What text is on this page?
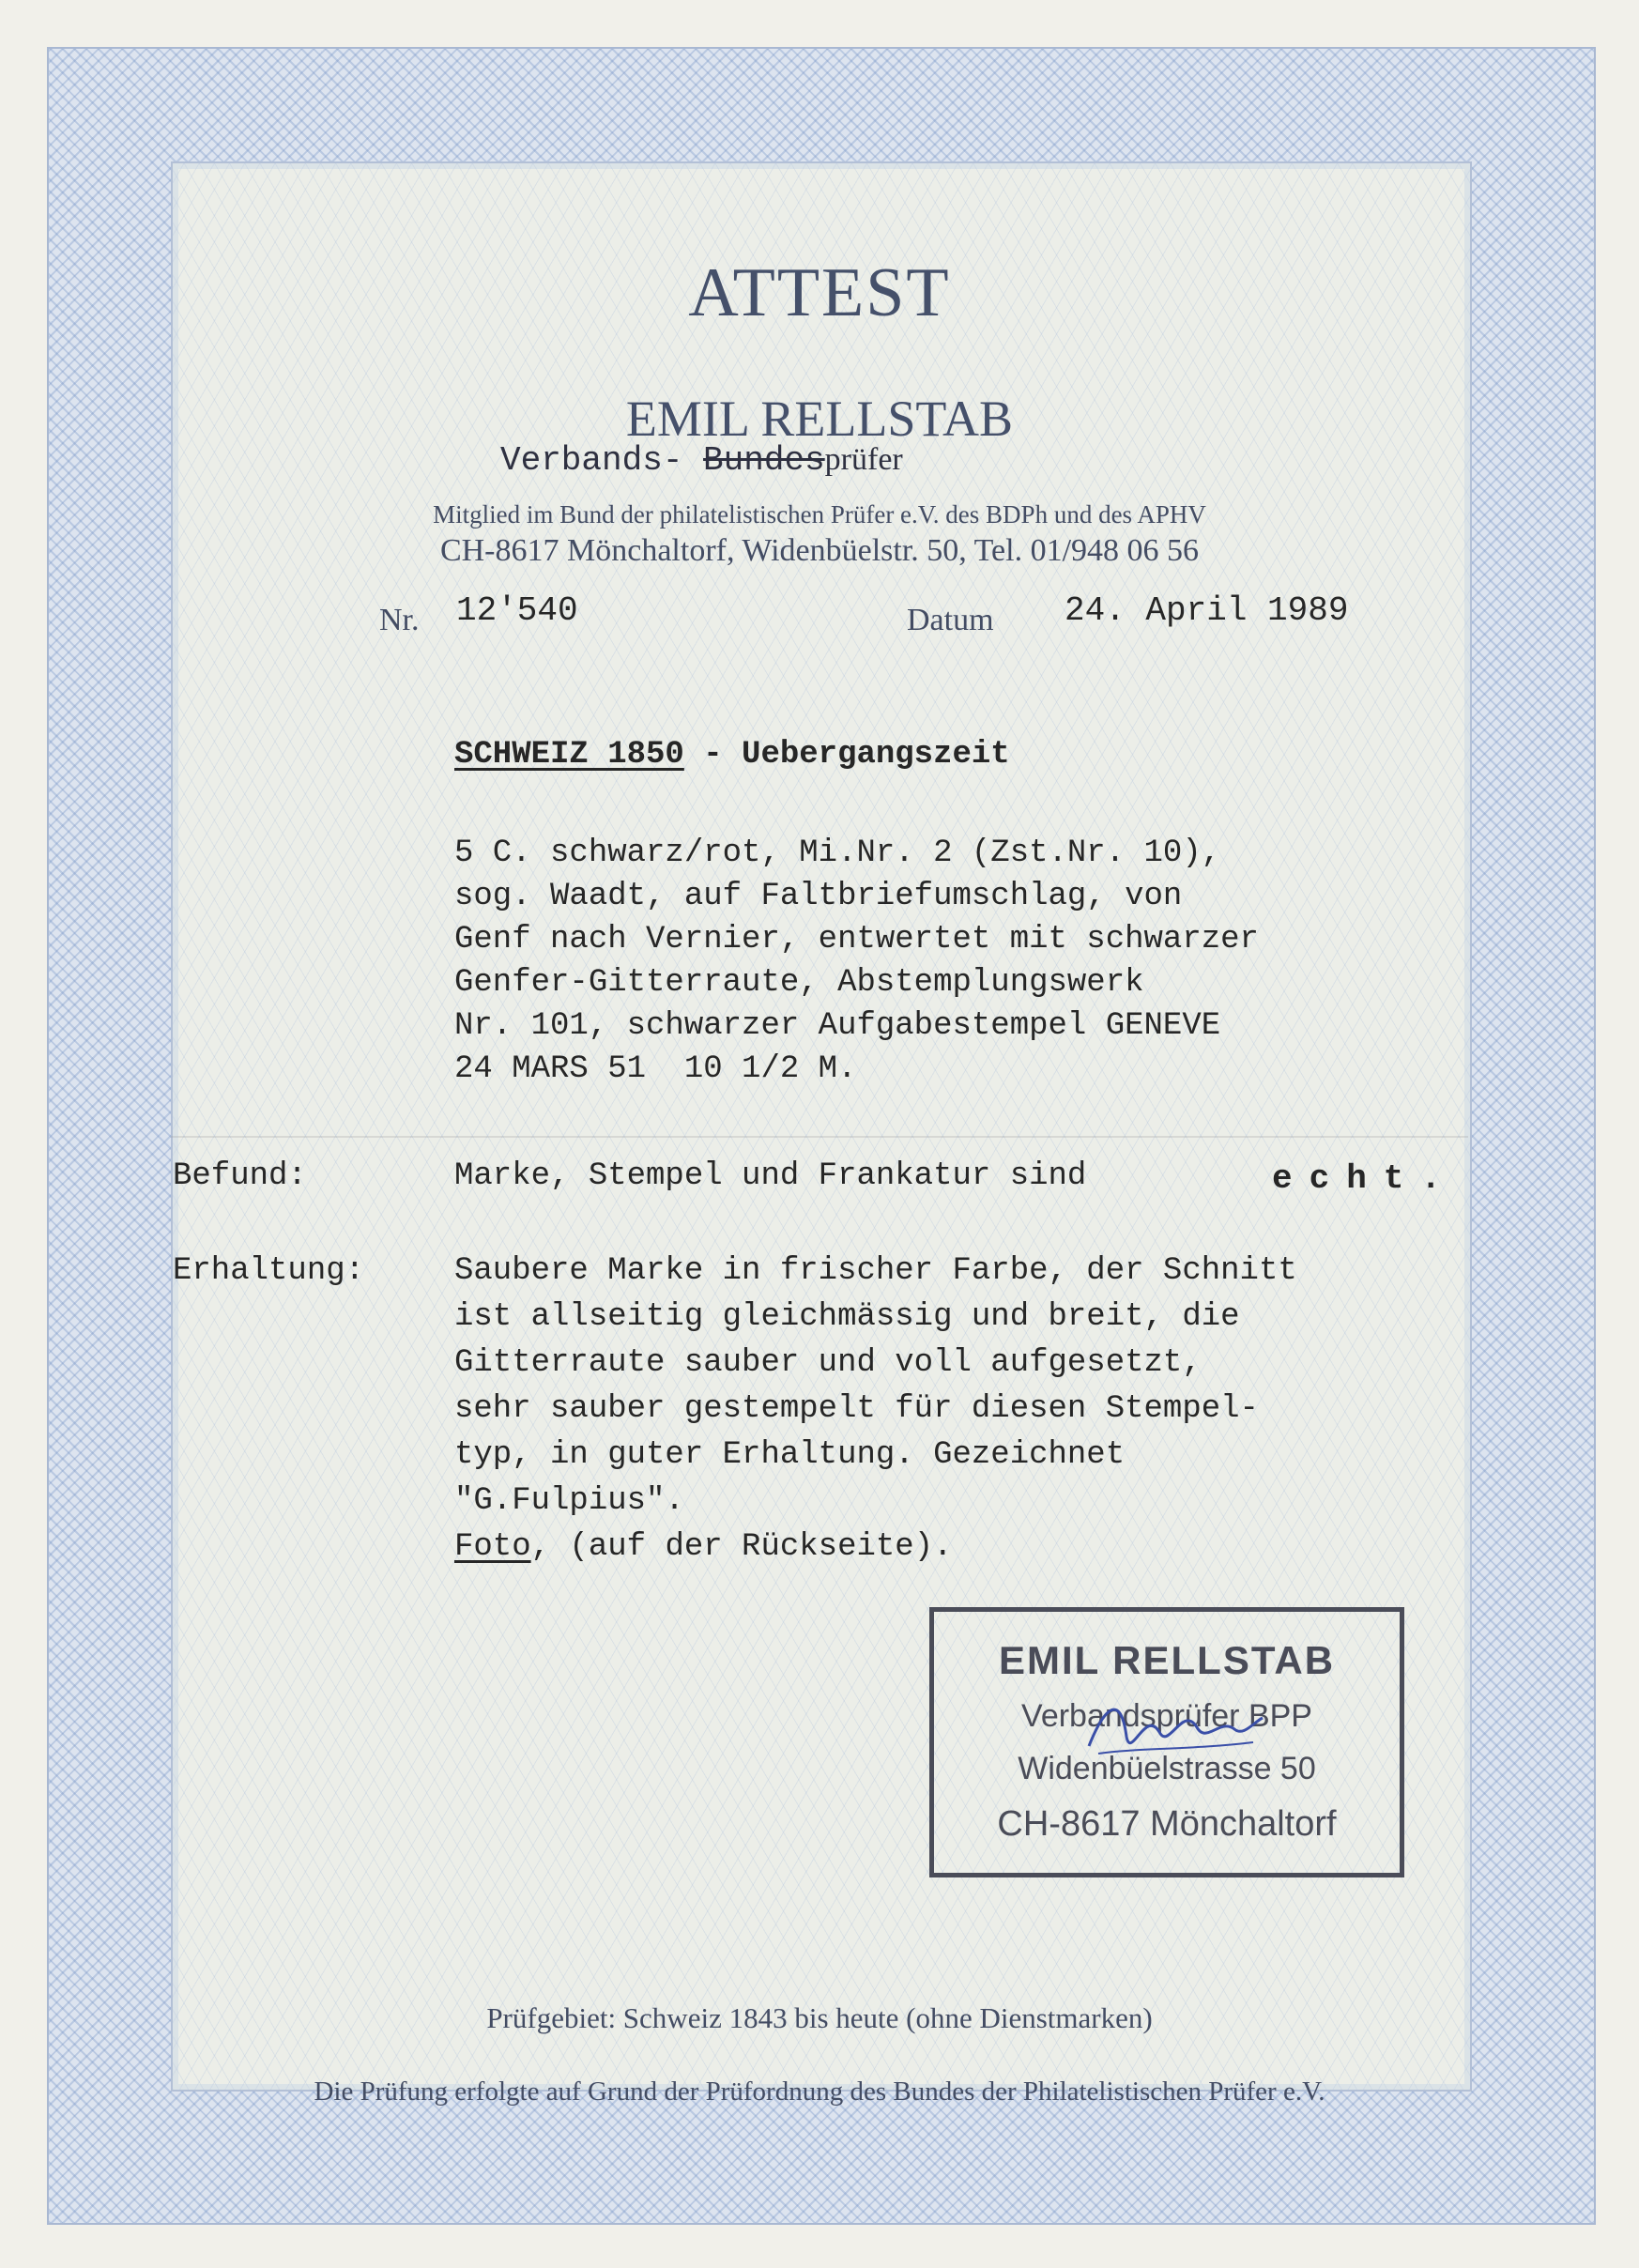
ATTEST
EMIL RELLSTAB
Verbands- Bundesprüfer
Mitglied im Bund der philatelistischen Prüfer e.V. des BDPh und des APHV
CH-8617 Mönchaltorf, Widenbüelstr. 50, Tel. 01/948 06 56
Nr. 12'540	Datum 24. April 1989
SCHWEIZ 1850 - Uebergangszeit
5 C. schwarz/rot, Mi.Nr. 2 (Zst.Nr. 10),
sog. Waadt, auf Faltbriefumschlag, von
Genf nach Vernier, entwertet mit schwarzer
Genfer-Gitterraute, Abstemplungswerk
Nr. 101, schwarzer Aufgabestempel GENEVE
24 MARS 51  10 1/2 M.
Befund:	Marke, Stempel und Frankatur sind	echt.
Erhaltung:	Saubere Marke in frischer Farbe, der Schnitt
ist allseitig gleichmässig und breit, die
Gitterraute sauber und voll aufgesetzt,
sehr sauber gestempelt für diesen Stempel-
typ, in guter Erhaltung. Gezeichnet
"G.Fulpius".
Foto, (auf der Rückseite).
EMIL RELLSTAB
Verbandsprüfer BPP
Widenbüelstrasse 50
CH-8617 Mönchaltorf
Prüfgebiet: Schweiz 1843 bis heute (ohne Dienstmarken)
Die Prüfung erfolgte auf Grund der Prüfordnung des Bundes der Philatelistischen Prüfer e.V.
